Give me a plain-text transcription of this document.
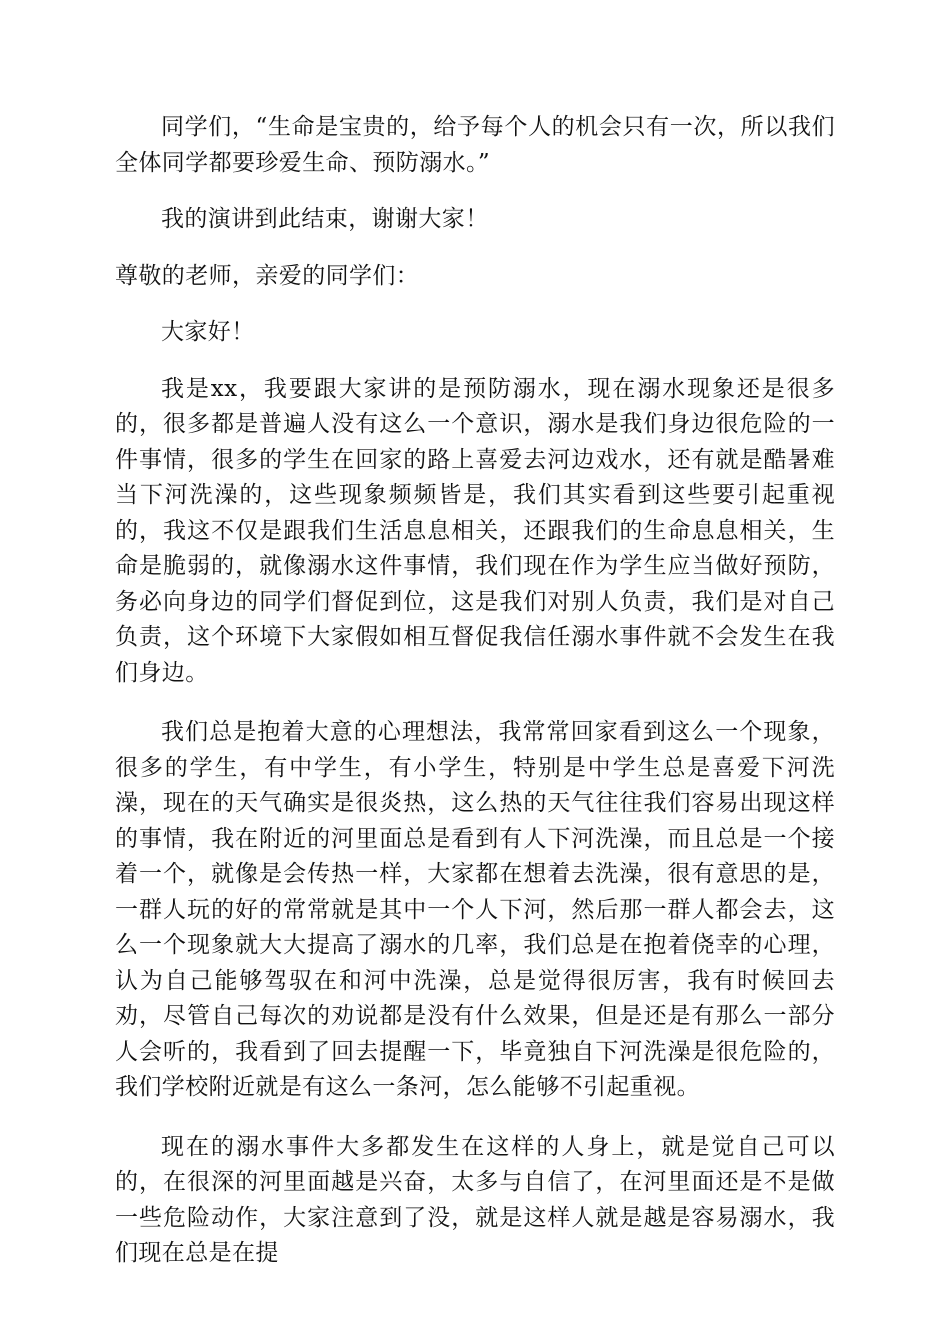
同学们，“生命是宝贵的，给予每个人的机会只有一次，所以我们全体同学都要珍爱生命、预防溺水。”

我的演讲到此结束，谢谢大家！

尊敬的老师，亲爱的同学们：

大家好！

我是xx，我要跟大家讲的是预防溺水，现在溺水现象还是很多的，很多都是普遍人没有这么一个意识，溺水是我们身边很危险的一件事情，很多的学生在回家的路上喜爱去河边戏水，还有就是酷暑难当下河洗澡的，这些现象频频皆是，我们其实看到这些要引起重视的，我这不仅是跟我们生活息息相关，还跟我们的生命息息相关，生命是脆弱的，就像溺水这件事情，我们现在作为学生应当做好预防，务必向身边的同学们督促到位，这是我们对别人负责，我们是对自己负责，这个环境下大家假如相互督促我信任溺水事件就不会发生在我们身边。

我们总是抱着大意的心理想法，我常常回家看到这么一个现象，很多的学生，有中学生，有小学生，特别是中学生总是喜爱下河洗澡，现在的天气确实是很炎热，这么热的天气往往我们容易出现这样的事情，我在附近的河里面总是看到有人下河洗澡，而且总是一个接着一个，就像是会传热一样，大家都在想着去洗澡，很有意思的是，一群人玩的好的常常就是其中一个人下河，然后那一群人都会去，这么一个现象就大大提高了溺水的几率，我们总是在抱着侥幸的心理，认为自己能够驾驭在和河中洗澡，总是觉得很厉害，我有时候回去劝，尽管自己每次的劝说都是没有什么效果，但是还是有那么一部分人会听的，我看到了回去提醒一下，毕竟独自下河洗澡是很危险的，我们学校附近就是有这么一条河，怎么能够不引起重视。

现在的溺水事件大多都发生在这样的人身上，就是觉自己可以的，在很深的河里面越是兴奋，太多与自信了，在河里面还是不是做一些危险动作，大家注意到了没，就是这样人就是越是容易溺水，我们现在总是在提
